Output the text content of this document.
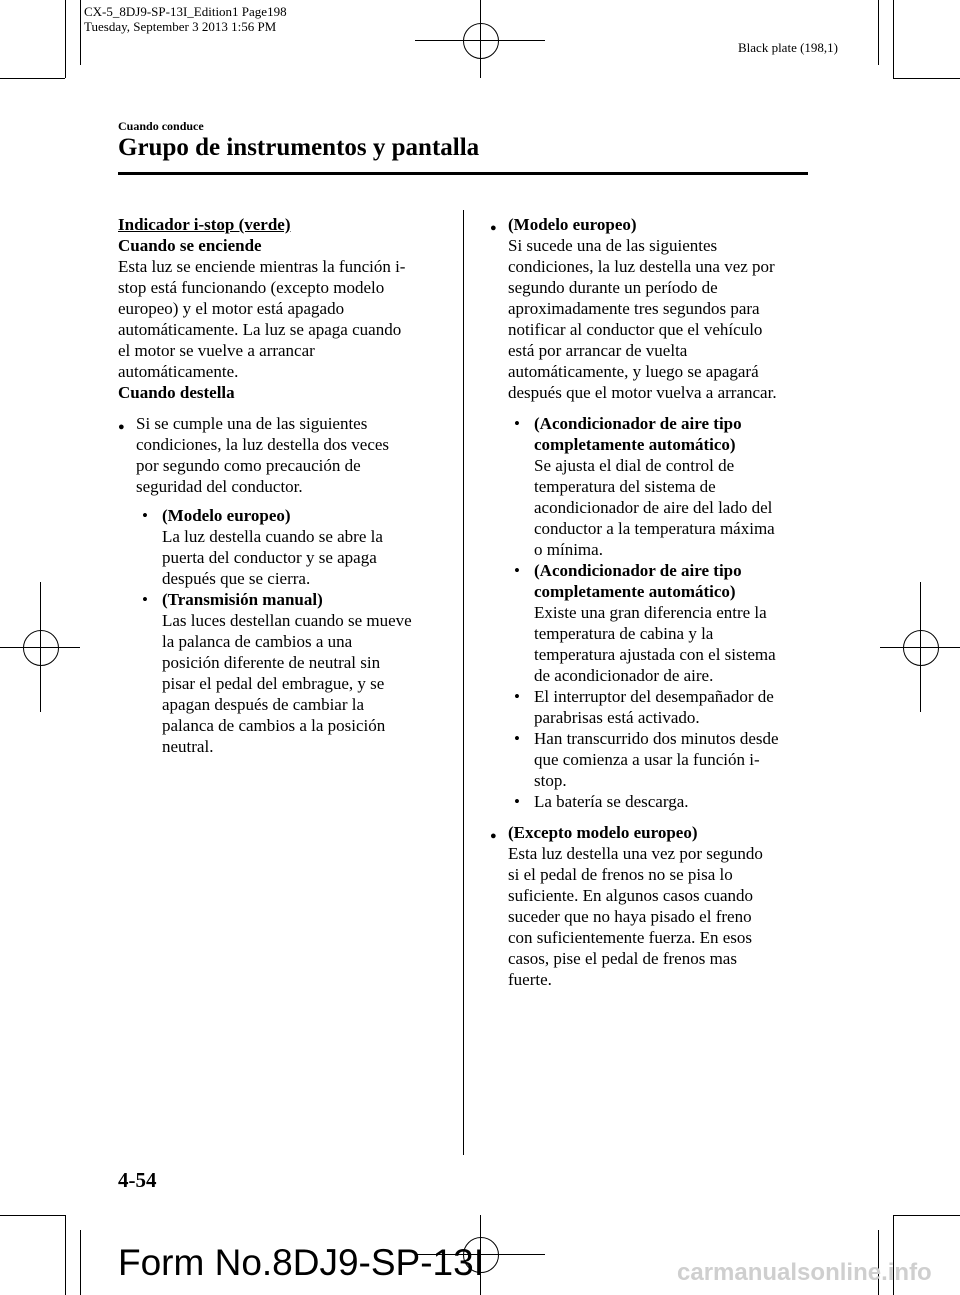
CX-5_8DJ9-SP-13I_Edition1 Page198
Tuesday, September 3 2013 1:56 PM
Black plate (198,1)
Cuando conduce
Grupo de instrumentos y pantalla

Indicador i-stop (verde)

Cuando se enciende

Esta luz se enciende mientras la función i-
stop está funcionando (excepto modelo
europeo) y el motor está apagado
automáticamente. La luz se apaga cuando
el motor se vuelve a arrancar
automáticamente.

Cuando destella

● Si se cumple una de las siguientes
condiciones, la luz destella dos veces
por segundo como precaución de
seguridad del conductor.
• (Modelo europeo)
La luz destella cuando se abre la
puerta del conductor y se apaga
después que se cierra.
• (Transmisión manual)
Las luces destellan cuando se mueve
la palanca de cambios a una
posición diferente de neutral sin
pisar el pedal del embrague, y se
apagan después de cambiar la
palanca de cambios a la posición
neutral.
● (Modelo europeo)
Si sucede una de las siguientes
condiciones, la luz destella una vez por
segundo durante un período de
aproximadamente tres segundos para
notificar al conductor que el vehículo
está por arrancar de vuelta
automáticamente, y luego se apagará
después que el motor vuelva a arrancar.
• (Acondicionador de aire tipo
completamente automático)
Se ajusta el dial de control de
temperatura del sistema de
acondicionador de aire del lado del
conductor a la temperatura máxima
o mínima.
• (Acondicionador de aire tipo
completamente automático)
Existe una gran diferencia entre la
temperatura de cabina y la
temperatura ajustada con el sistema
de acondicionador de aire.
• El interruptor del desempañador de
parabrisas está activado.
• Han transcurrido dos minutos desde
que comienza a usar la función i-
stop.
• La batería se descarga.
● (Excepto modelo europeo)
Esta luz destella una vez por segundo
si el pedal de frenos no se pisa lo
suficiente. En algunos casos cuando
suceder que no haya pisado el freno
con suficientemente fuerza. En esos
casos, pise el pedal de frenos mas
fuerte.
4-54
Form No.8DJ9-SP-13I	carmanualsonline.info
